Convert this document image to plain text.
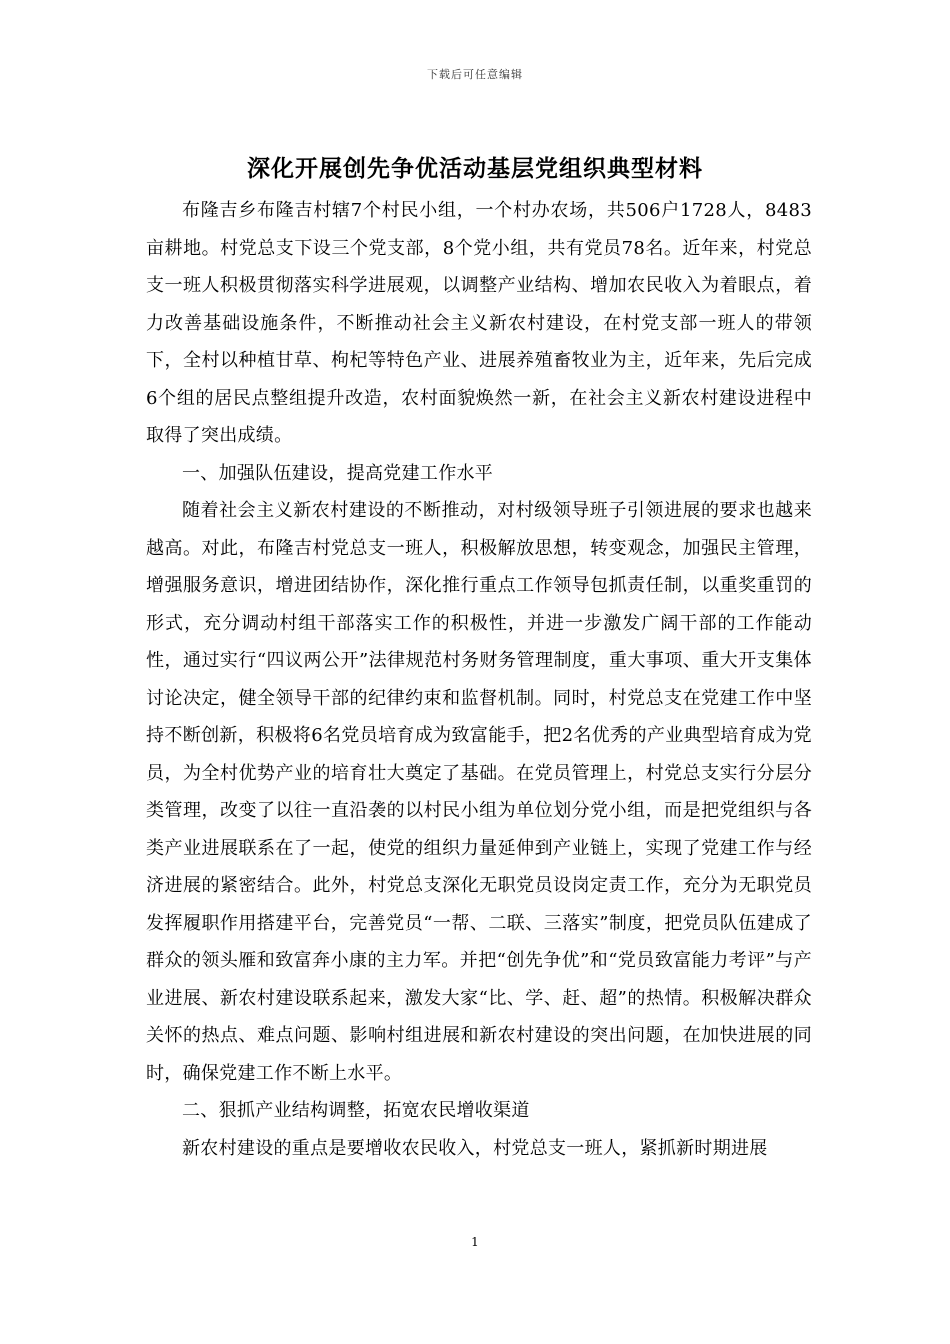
下载后可任意编辑
深化开展创先争优活动基层党组织典型材料

布隆吉乡布隆吉村辖7个村民小组，一个村办农场，共506户1728人，8483亩耕地。村党总支下设三个党支部，8个党小组，共有党员78名。近年来，村党总支一班人积极贯彻落实科学进展观，以调整产业结构、增加农民收入为着眼点，着力改善基础设施条件，不断推动社会主义新农村建设，在村党支部一班人的带领下，全村以种植甘草、枸杞等特色产业、进展养殖畜牧业为主，近年来，先后完成6个组的居民点整组提升改造，农村面貌焕然一新，在社会主义新农村建设进程中取得了突出成绩。

一、加强队伍建设，提高党建工作水平

随着社会主义新农村建设的不断推动，对村级领导班子引领进展的要求也越来越高。对此，布隆吉村党总支一班人，积极解放思想，转变观念，加强民主管理，增强服务意识，增进团结协作，深化推行重点工作领导包抓责任制，以重奖重罚的形式，充分调动村组干部落实工作的积极性，并进一步激发广阔干部的工作能动性，通过实行“四议两公开”法律规范村务财务管理制度，重大事项、重大开支集体讨论决定，健全领导干部的纪律约束和监督机制。同时，村党总支在党建工作中坚持不断创新，积极将6名党员培育成为致富能手，把2名优秀的产业典型培育成为党员，为全村优势产业的培育壮大奠定了基础。在党员管理上，村党总支实行分层分类管理，改变了以往一直沿袭的以村民小组为单位划分党小组，而是把党组织与各类产业进展联系在了一起，使党的组织力量延伸到产业链上，实现了党建工作与经济进展的紧密结合。此外，村党总支深化无职党员设岗定责工作，充分为无职党员发挥履职作用搭建平台，完善党员“一帮、二联、三落实”制度，把党员队伍建成了群众的领头雁和致富奔小康的主力军。并把“创先争优”和“党员致富能力考评”与产业进展、新农村建设联系起来，激发大家“比、学、赶、超”的热情。积极解决群众关怀的热点、难点问题、影响村组进展和新农村建设的突出问题，在加快进展的同时，确保党建工作不断上水平。

二、狠抓产业结构调整，拓宽农民增收渠道

新农村建设的重点是要增收农民收入，村党总支一班人，紧抓新时期进展

1
